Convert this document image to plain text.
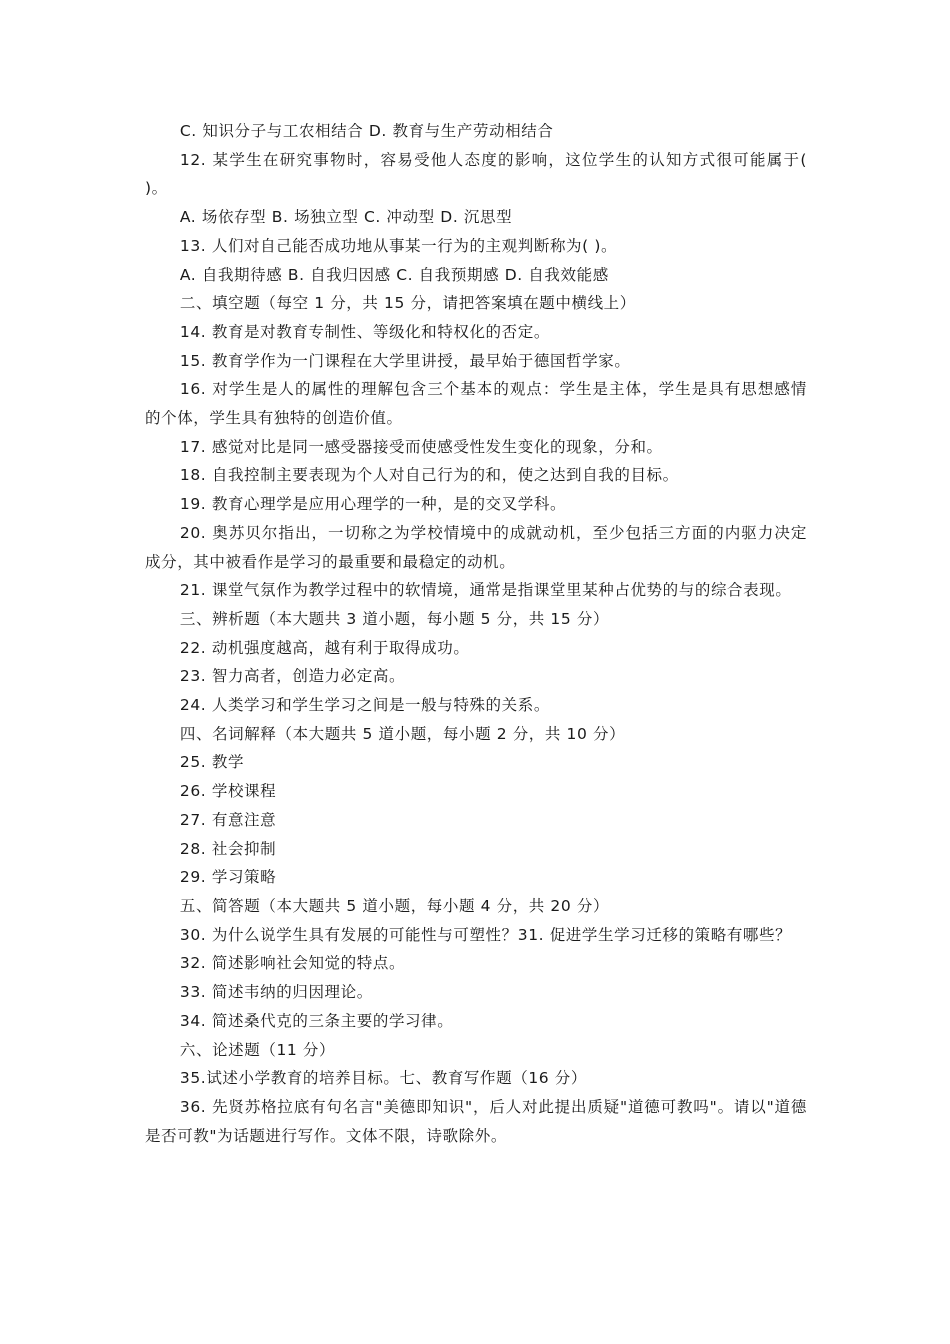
C. 知识分子与工农相结合 D. 教育与生产劳动相结合

12. 某学生在研究事物时，容易受他人态度的影响，这位学生的认知方式很可能属于( )。

A. 场依存型 B. 场独立型 C. 冲动型 D. 沉思型

13. 人们对自己能否成功地从事某一行为的主观判断称为( )。

A. 自我期待感 B. 自我归因感 C. 自我预期感 D. 自我效能感

二、填空题（每空 1 分，共 15 分，请把答案填在题中横线上）

14. 教育是对教育专制性、等级化和特权化的否定。

15. 教育学作为一门课程在大学里讲授，最早始于德国哲学家。

16. 对学生是人的属性的理解包含三个基本的观点：学生是主体，学生是具有思想感情的个体，学生具有独特的创造价值。

17. 感觉对比是同一感受器接受而使感受性发生变化的现象，分和。

18. 自我控制主要表现为个人对自己行为的和，使之达到自我的目标。

19. 教育心理学是应用心理学的一种，是的交叉学科。

20. 奥苏贝尔指出，一切称之为学校情境中的成就动机，至少包括三方面的内驱力决定成分，其中被看作是学习的最重要和最稳定的动机。

21. 课堂气氛作为教学过程中的软情境，通常是指课堂里某种占优势的与的综合表现。

三、辨析题（本大题共 3 道小题，每小题 5 分，共 15 分）

22. 动机强度越高，越有利于取得成功。

23. 智力高者，创造力必定高。

24. 人类学习和学生学习之间是一般与特殊的关系。

四、名词解释（本大题共 5 道小题，每小题 2 分，共 10 分）

25. 教学

26. 学校课程

27. 有意注意

28. 社会抑制

29. 学习策略

五、简答题（本大题共 5 道小题，每小题 4 分，共 20 分）

30. 为什么说学生具有发展的可能性与可塑性？31. 促进学生学习迁移的策略有哪些？

32. 简述影响社会知觉的特点。

33. 简述韦纳的归因理论。

34. 简述桑代克的三条主要的学习律。

六、论述题（11 分）

35.试述小学教育的培养目标。七、教育写作题（16 分）

36. 先贤苏格拉底有句名言"美德即知识"，后人对此提出质疑"道德可教吗"。请以"道德是否可教"为话题进行写作。文体不限，诗歌除外。
